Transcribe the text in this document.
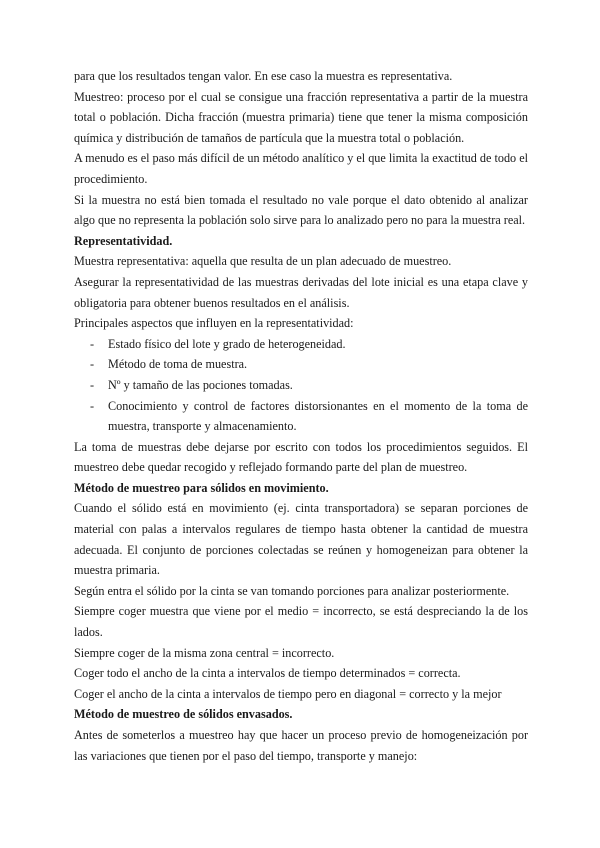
para que los resultados tengan valor. En ese caso la muestra es representativa.

Muestreo: proceso por el cual se consigue una fracción representativa a partir de la muestra total o población. Dicha fracción (muestra primaria) tiene que tener la misma composición química y distribución de tamaños de partícula que la muestra total o población.

A menudo es el paso más difícil de un método analítico y el que limita la exactitud de todo el procedimiento.

Si la muestra no está bien tomada el resultado no vale porque el dato obtenido al analizar algo que no representa la población solo sirve para lo analizado pero no para la muestra real.

Representatividad.

Muestra representativa: aquella que resulta de un plan adecuado de muestreo.

Asegurar la representatividad de las muestras derivadas del lote inicial es una etapa clave y obligatoria para obtener buenos resultados en el análisis.

Principales aspectos que influyen en la representatividad:

- Estado físico del lote y grado de heterogeneidad.
- Método de toma de muestra.
- Nº y tamaño de las pociones tomadas.
- Conocimiento y control de factores distorsionantes en el momento de la toma de muestra, transporte y almacenamiento.

La toma de muestras debe dejarse por escrito con todos los procedimientos seguidos. El muestreo debe quedar recogido y reflejado formando parte del plan de muestreo.

Método de muestreo para sólidos en movimiento.

Cuando el sólido está en movimiento (ej. cinta transportadora) se separan porciones de material con palas a intervalos regulares de tiempo hasta obtener la cantidad de muestra adecuada. El conjunto de porciones colectadas se reúnen y homogeneizan para obtener la muestra primaria.

Según entra el sólido por la cinta se van tomando porciones para analizar posteriormente.

Siempre coger muestra que viene por el medio = incorrecto, se está despreciando la de los lados.

Siempre coger de la misma zona central = incorrecto.

Coger todo el ancho de la cinta a intervalos de tiempo determinados = correcta.

Coger el ancho de la cinta a intervalos de tiempo pero en diagonal = correcto y la mejor

Método de muestreo de sólidos envasados.

Antes de someterlos a muestreo hay que hacer un proceso previo de homogeneización por las variaciones que tienen por el paso del tiempo, transporte y manejo:
